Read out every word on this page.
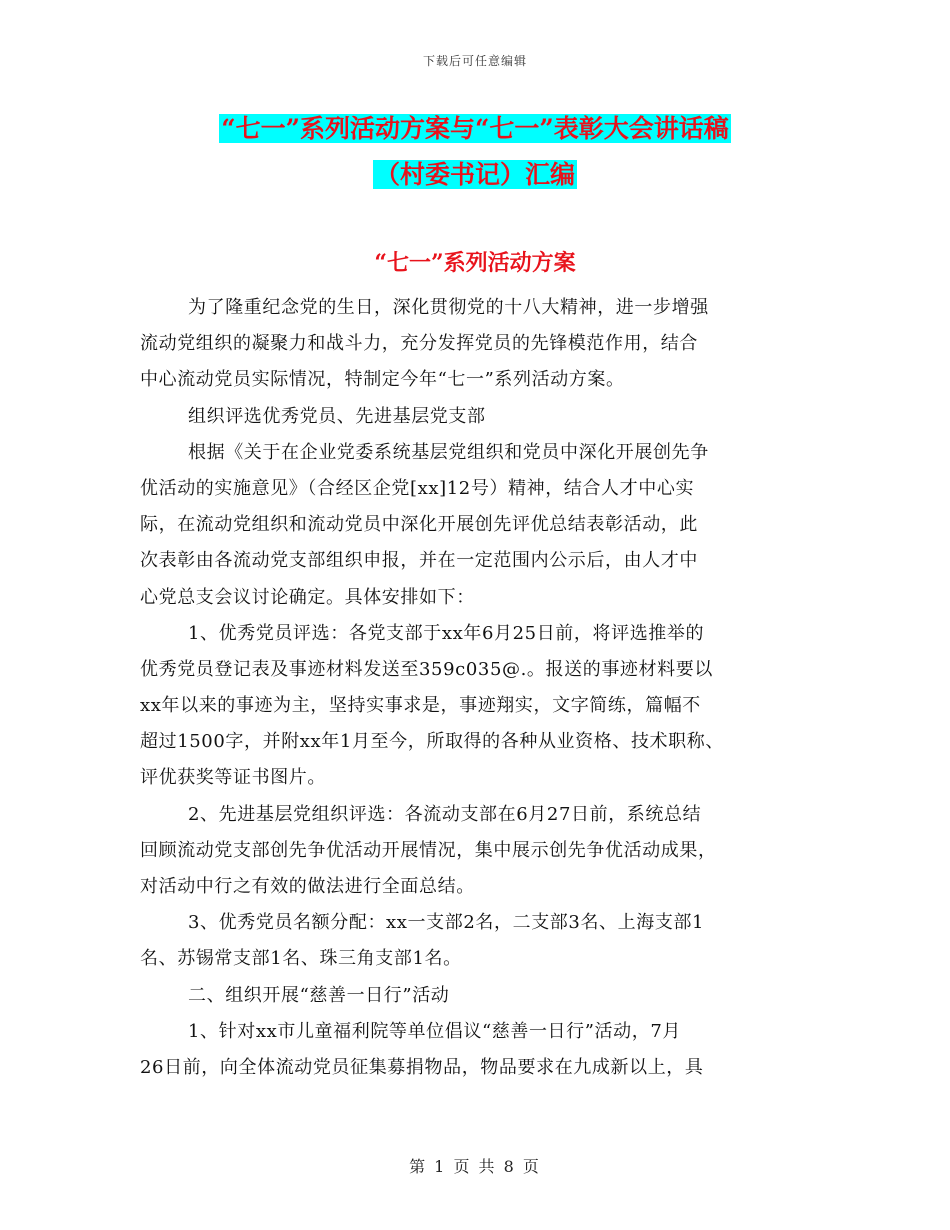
下载后可任意编辑
“七一”系列活动方案与“七一”表彰大会讲话稿
（村委书记）汇编
“七一”系列活动方案
为了隆重纪念党的生日，深化贯彻党的十八大精神，进一步增强
流动党组织的凝聚力和战斗力，充分发挥党员的先锋模范作用，结合
中心流动党员实际情况，特制定今年“七一”系列活动方案。
组织评选优秀党员、先进基层党支部
根据《关于在企业党委系统基层党组织和党员中深化开展创先争
优活动的实施意见》（合经区企党[xx]12号）精神，结合人才中心实
际，在流动党组织和流动党员中深化开展创先评优总结表彰活动，此
次表彰由各流动党支部组织申报，并在一定范围内公示后，由人才中
心党总支会议讨论确定。具体安排如下：
1、优秀党员评选：各党支部于xx年6月25日前，将评选推举的
优秀党员登记表及事迹材料发送至359c035@.。报送的事迹材料要以
xx年以来的事迹为主，坚持实事求是，事迹翔实，文字简练，篇幅不
超过1500字，并附xx年1月至今，所取得的各种从业资格、技术职称、
评优获奖等证书图片。
2、先进基层党组织评选：各流动支部在6月27日前，系统总结
回顾流动党支部创先争优活动开展情况，集中展示创先争优活动成果，
对活动中行之有效的做法进行全面总结。
3、优秀党员名额分配：xx一支部2名，二支部3名、上海支部1
名、苏锡常支部1名、珠三角支部1名。
二、组织开展“慈善一日行”活动
1、针对xx市儿童福利院等单位倡议“慈善一日行”活动，7月
26日前，向全体流动党员征集募捐物品，物品要求在九成新以上，具
第 1 页 共 8 页
